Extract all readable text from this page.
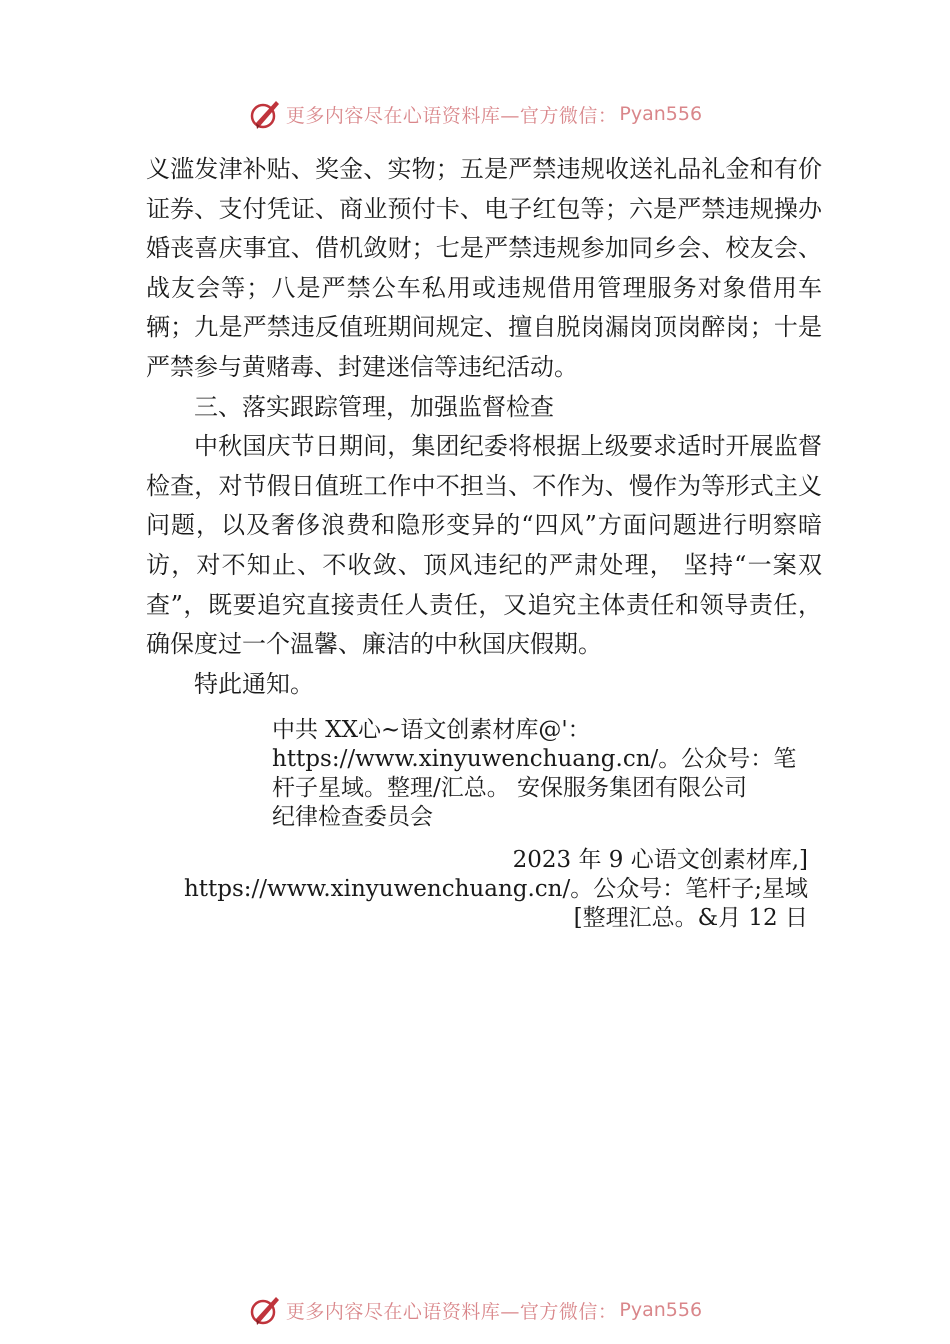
更多内容尽在心语资料库—官方微信： Pyan556

义滥发津补贴、奖金、实物；五是严禁违规收送礼品礼金和有价证券、支付凭证、商业预付卡、电子红包等；六是严禁违规操办婚丧喜庆事宜、借机敛财；七是严禁违规参加同乡会、校友会、战友会等；八是严禁公车私用或违规借用管理服务对象借用车辆；九是严禁违反值班期间规定、擅自脱岗漏岗顶岗醉岗；十是严禁参与黄赌毒、封建迷信等违纪活动。

三、落实跟踪管理，加强监督检查

中秋国庆节日期间，集团纪委将根据上级要求适时开展监督检查，对节假日值班工作中不担当、不作为、慢作为等形式主义问题，以及奢侈浪费和隐形变异的“四风”方面问题进行明察暗访，对不知止、不收敛、顶风违纪的严肃处理， 坚持“一案双查”，既要追究直接责任人责任，又追究主体责任和领导责任，确保度过一个温馨、廉洁的中秋国庆假期。

特此通知。

中共 XX心~语文创素材库@'：

https://www.xinyuwenchuang.cn/。公众号：笔

杆子星域。整理/汇总。 安保服务集团有限公司

纪律检查委员会

2023 年 9 心语文创素材库,]

https://www.xinyuwenchuang.cn/。公众号：笔杆子;星域

[整理汇总。&月 12 日

更多内容尽在心语资料库—官方微信： Pyan556
